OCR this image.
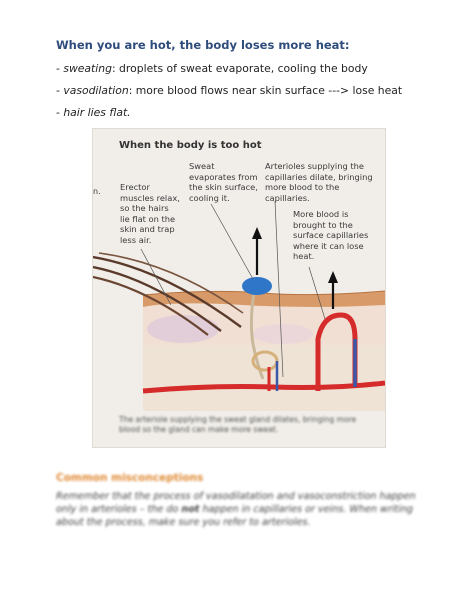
When you are hot, the body loses more heat:
- sweating: droplets of sweat evaporate, cooling the body
- vasodilation: more blood flows near skin surface ---> lose heat
- hair lies flat.
When the body is too hot
n. Erector
muscles relax,
so the hairs
lie flat on the
skin and trap
less air.
Sweat
evaporates from
the skin surface,
cooling it.
Arterioles supplying the
capillaries dilate, bringing
more blood to the
capillaries.
More blood is
brought to the
surface capillaries
where it can lose
heat.
The arteriole supplying the sweat gland dilates, bringing more blood so the gland can make more sweat.
Common misconceptions
Remember that the process of vasodilatation and vasoconstriction happen only in arterioles – the do not happen in capillaries or veins. When writing about the process, make sure you refer to arterioles.
